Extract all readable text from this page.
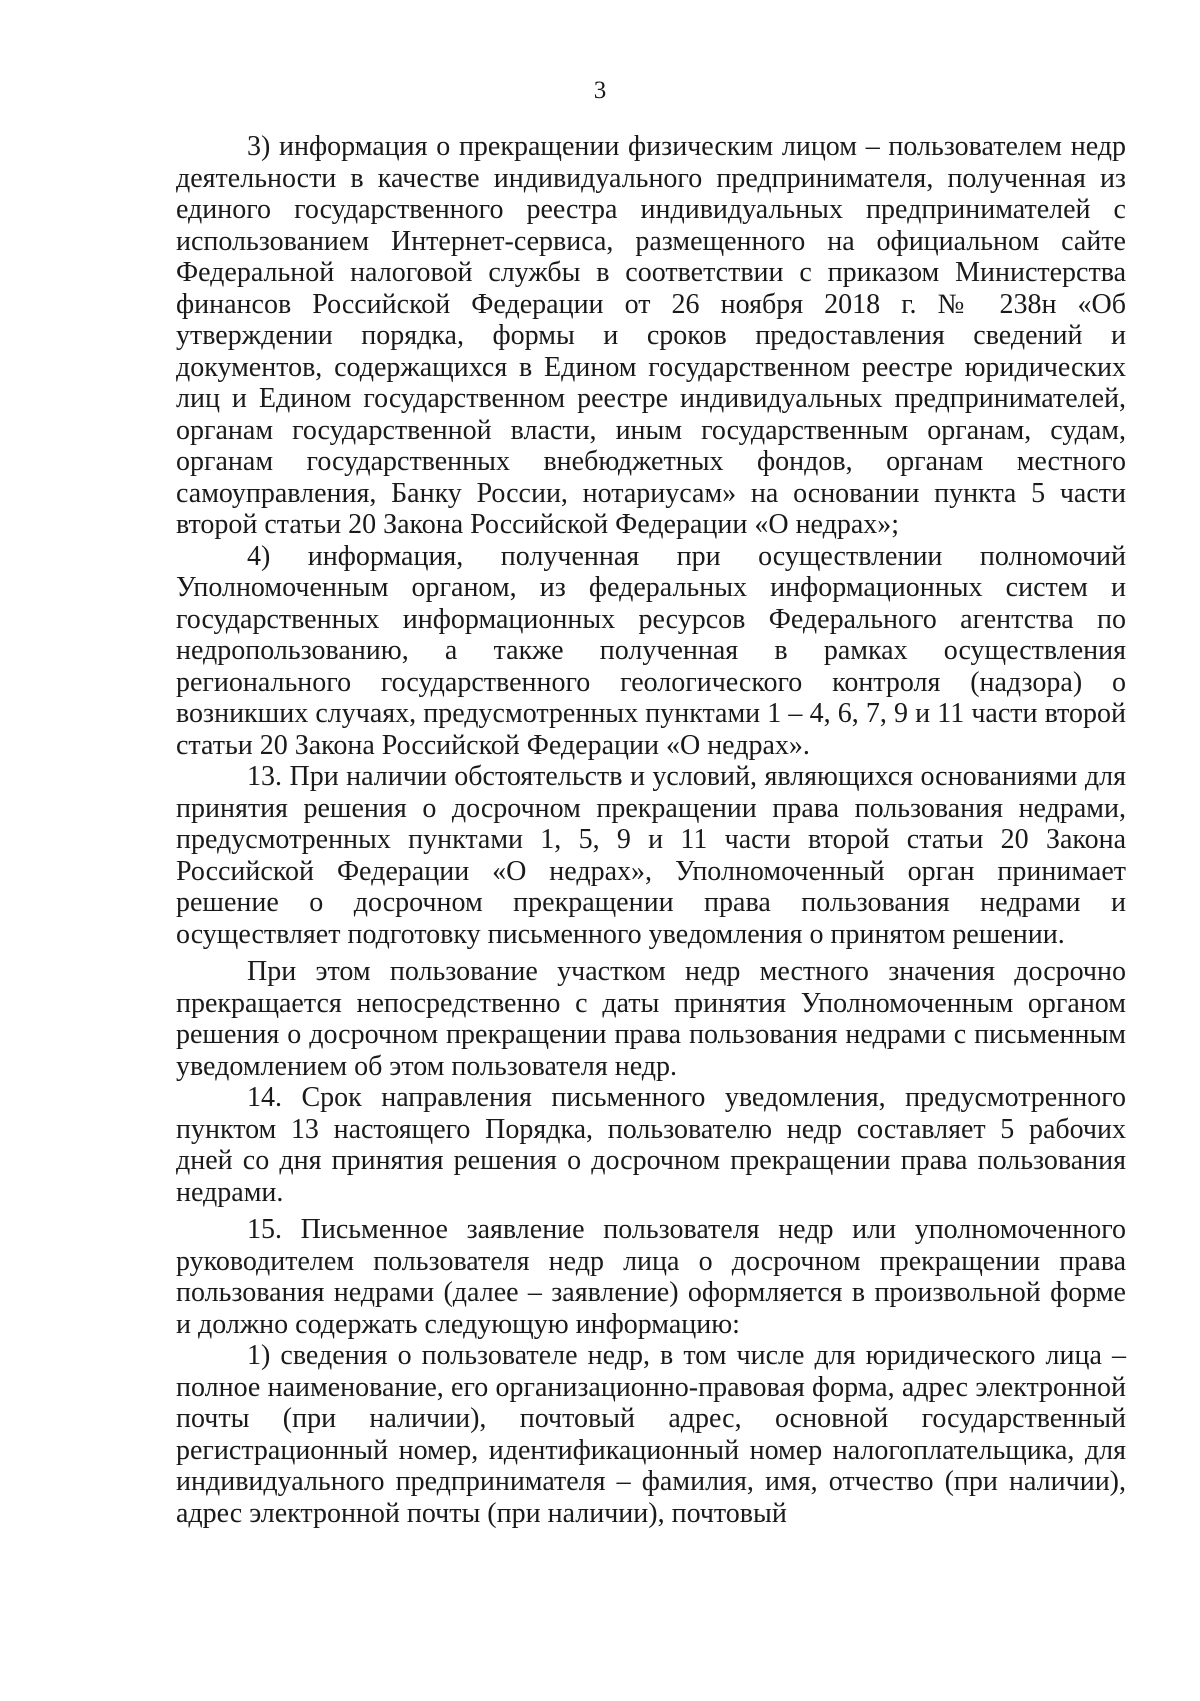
3

3) информация о прекращении физическим лицом – пользователем недр деятельности в качестве индивидуального предпринимателя, полученная из единого государственного реестра индивидуальных предпринимателей с использованием Интернет-сервиса, размещенного на официальном сайте Федеральной налоговой службы в соответствии с приказом Министерства финансов Российской Федерации от 26 ноября 2018 г. № 238н «Об утверждении порядка, формы и сроков предоставления сведений и документов, содержащихся в Едином государственном реестре юридических лиц и Едином государственном реестре индивидуальных предпринимателей, органам государственной власти, иным государственным органам, судам, органам государственных внебюджетных фондов, органам местного самоуправления, Банку России, нотариусам» на основании пункта 5 части второй статьи 20 Закона Российской Федерации «О недрах»;

4) информация, полученная при осуществлении полномочий Уполномоченным органом, из федеральных информационных систем и государственных информационных ресурсов Федерального агентства по недропользованию, а также полученная в рамках осуществления регионального государственного геологического контроля (надзора) о возникших случаях, предусмотренных пунктами 1 – 4, 6, 7, 9 и 11 части второй статьи 20 Закона Российской Федерации «О недрах».

13. При наличии обстоятельств и условий, являющихся основаниями для принятия решения о досрочном прекращении права пользования недрами, предусмотренных пунктами 1, 5, 9 и 11 части второй статьи 20 Закона Российской Федерации «О недрах», Уполномоченный орган принимает решение о досрочном прекращении права пользования недрами и осуществляет подготовку письменного уведомления о принятом решении.

При этом пользование участком недр местного значения досрочно прекращается непосредственно с даты принятия Уполномоченным органом решения о досрочном прекращении права пользования недрами с письменным уведомлением об этом пользователя недр.

14. Срок направления письменного уведомления, предусмотренного пунктом 13 настоящего Порядка, пользователю недр составляет 5 рабочих дней со дня принятия решения о досрочном прекращении права пользования недрами.

15. Письменное заявление пользователя недр или уполномоченного руководителем пользователя недр лица о досрочном прекращении права пользования недрами (далее – заявление) оформляется в произвольной форме и должно содержать следующую информацию:

1) сведения о пользователе недр, в том числе для юридического лица – полное наименование, его организационно-правовая форма, адрес электронной почты (при наличии), почтовый адрес, основной государственный регистрационный номер, идентификационный номер налогоплательщика, для индивидуального предпринимателя – фамилия, имя, отчество (при наличии), адрес электронной почты (при наличии), почтовый
